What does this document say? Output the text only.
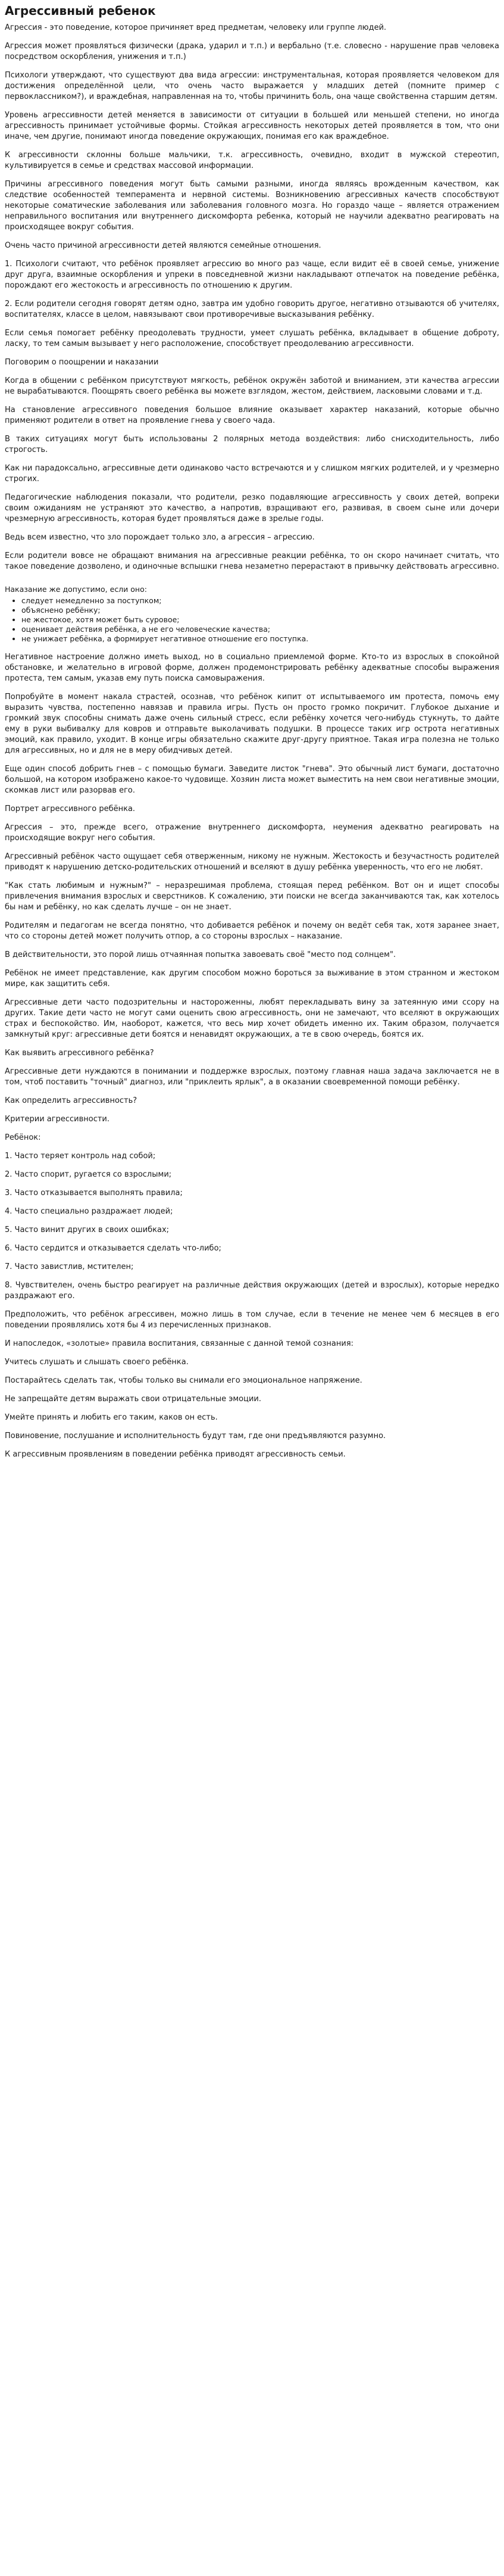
Агрессивный ребенок

Агрессия - это поведение, которое причиняет вред предметам, человеку или группе людей.

Агрессия может проявляться физически (драка, ударил и т.п.) и вербально (т.е. словесно - нарушение прав человека посредством оскорбления, унижения и т.п.)

Психологи утверждают, что существуют два вида агрессии: инструментальная, которая проявляется человеком для достижения определённой цели, что очень часто выражается у младших детей (помните пример с первоклассником?), и враждебная, направленная на то, чтобы причинить боль, она чаще свойственна старшим детям.

Уровень агрессивности детей меняется в зависимости от ситуации в большей или меньшей степени, но иногда агрессивность принимает устойчивые формы. Стойкая агрессивность некоторых детей проявляется в том, что они иначе, чем другие, понимают иногда поведение окружающих, понимая его как враждебное.

К агрессивности склонны больше мальчики, т.к. агрессивность, очевидно, входит в мужской стереотип, культивируется в семье и средствах массовой информации.

Причины агрессивного поведения могут быть самыми разными, иногда являясь врожденным качеством, как следствие особенностей темперамента и нервной системы. Возникновению агрессивных качеств способствуют некоторые соматические заболевания или заболевания головного мозга. Но гораздо чаще – является отражением неправильного воспитания или внутреннего дискомфорта ребенка, который не научили адекватно реагировать на происходящее вокруг события.

Очень часто причиной агрессивности детей являются семейные отношения.

1. Психологи считают, что ребёнок проявляет агрессию во много раз чаще, если видит её в своей семье, унижение друг друга, взаимные оскорбления и упреки в повседневной жизни накладывают отпечаток на поведение ребёнка, порождают его жестокость и агрессивность по отношению к другим.

2. Если родители сегодня говорят детям одно, завтра им удобно говорить другое, негативно отзываются об учителях, воспитателях, классе в целом, навязывают свои противоречивые высказывания ребёнку.

Если семья помогает ребёнку преодолевать трудности, умеет слушать ребёнка, вкладывает в общение доброту, ласку, то тем самым вызывает у него расположение, способствует преодолеванию агрессивности.

Поговорим о поощрении и наказании

Когда в общении с ребёнком присутствуют мягкость, ребёнок окружён заботой и вниманием, эти качества агрессии не вырабатываются. Поощрять своего ребёнка вы можете взглядом, жестом, действием, ласковыми словами и т.д.

На становление агрессивного поведения большое влияние оказывает характер наказаний, которые обычно применяют родители в ответ на проявление гнева у своего чада.

В таких ситуациях могут быть использованы 2 полярных метода воздействия: либо снисходительность, либо строгость.

Как ни парадоксально, агрессивные дети одинаково часто встречаются и у слишком мягких родителей, и у чрезмерно строгих.

Педагогические наблюдения показали, что родители, резко подавляющие агрессивность у своих детей, вопреки своим ожиданиям не устраняют это качество, а напротив, взращивают его, развивая, в своем сыне или дочери чрезмерную агрессивность, которая будет проявляться даже в зрелые годы.

Ведь всем известно, что зло порождает только зло, а агрессия – агрессию.

Если родители вовсе не обращают внимания на агрессивные реакции ребёнка, то он скоро начинает считать, что такое поведение дозволено, и одиночные вспышки гнева незаметно перерастают в привычку действовать агрессивно.

Наказание же допустимо, если оно:
• следует немедленно за поступком;
• объяснено ребёнку;
• не жестокое, хотя может быть суровое;
• оценивает действия ребёнка, а не его человеческие качества;
• не унижает ребёнка, а формирует негативное отношение его поступка.

Негативное настроение должно иметь выход, но в социально приемлемой форме. Кто-то из взрослых в спокойной обстановке, и желательно в игровой форме, должен продемонстрировать ребёнку адекватные способы выражения протеста, тем самым, указав ему путь поиска самовыражения.

Попробуйте в момент накала страстей, осознав, что ребёнок кипит от испытываемого им протеста, помочь ему выразить чувства, постепенно навязав и правила игры. Пусть он просто громко покричит. Глубокое дыхание и громкий звук способны снимать даже очень сильный стресс, если ребёнку хочется чего-нибудь стукнуть, то дайте ему в руки выбивалку для ковров и отправьте выколачивать подушки. В процессе таких игр острота негативных эмоций, как правило, уходит. В конце игры обязательно скажите друг-другу приятное. Такая игра полезна не только для агрессивных, но и для не в меру обидчивых детей.

Еще один способ добрить гнев – с помощью бумаги. Заведите листок "гнева". Это обычный лист бумаги, достаточно большой, на котором изображено какое-то чудовище. Хозяин листа может выместить на нем свои негативные эмоции, скомкав лист или разорвав его.

Портрет агрессивного ребёнка.

Агрессия – это, прежде всего, отражение внутреннего дискомфорта, неумения адекватно реагировать на происходящие вокруг него события.

Агрессивный ребёнок часто ощущает себя отверженным, никому не нужным. Жестокость и безучастность родителей приводят к нарушению детско-родительских отношений и вселяют в душу ребёнка уверенность, что его не любят.

"Как стать любимым и нужным?" – неразрешимая проблема, стоящая перед ребёнком. Вот он и ищет способы привлечения внимания взрослых и сверстников. К сожалению, эти поиски не всегда заканчиваются так, как хотелось бы нам и ребёнку, но как сделать лучше – он не знает.

Родителям и педагогам не всегда понятно, что добивается ребёнок и почему он ведёт себя так, хотя заранее знает, что со стороны детей может получить отпор, а со стороны взрослых – наказание.

В действительности, это порой лишь отчаянная попытка завоевать своё "место под солнцем".

Ребёнок не имеет представление, как другим способом можно бороться за выживание в этом странном и жестоком мире, как защитить себя.

Агрессивные дети часто подозрительны и настороженны, любят перекладывать вину за затеянную ими ссору на других. Такие дети часто не могут сами оценить свою агрессивность, они не замечают, что вселяют в окружающих страх и беспокойство. Им, наоборот, кажется, что весь мир хочет обидеть именно их. Таким образом, получается замкнутый круг: агрессивные дети боятся и ненавидят окружающих, а те в свою очередь, боятся их.

Как выявить агрессивного ребёнка?

Агрессивные дети нуждаются в понимании и поддержке взрослых, поэтому главная наша задача заключается не в том, чтоб поставить "точный" диагноз, или "приклеить ярлык", а в оказании своевременной помощи ребёнку.

Как определить агрессивность?

Критерии агрессивности.

Ребёнок:

1. Часто теряет контроль над собой;

2. Часто спорит, ругается со взрослыми;

3. Часто отказывается выполнять правила;

4. Часто специально раздражает людей;

5. Часто винит других в своих ошибках;

6. Часто сердится и отказывается сделать что-либо;

7. Часто завистлив, мстителен;

8. Чувствителен, очень быстро реагирует на различные действия окружающих (детей и взрослых), которые нередко раздражают его.

Предположить, что ребёнок агрессивен, можно лишь в том случае, если в течение не менее чем 6 месяцев в его поведении проявлялись хотя бы 4 из перечисленных признаков.

И напоследок, «золотые» правила воспитания, связанные с данной темой сознания:

Учитесь слушать и слышать своего ребёнка.

Постарайтесь сделать так, чтобы только вы снимали его эмоциональное напряжение.

Не запрещайте детям выражать свои отрицательные эмоции.

Умейте принять и любить его таким, каков он есть.

Повиновение, послушание и исполнительность будут там, где они предъявляются разумно.

К агрессивным проявлениям в поведении ребёнка приводят агрессивность семьи.
